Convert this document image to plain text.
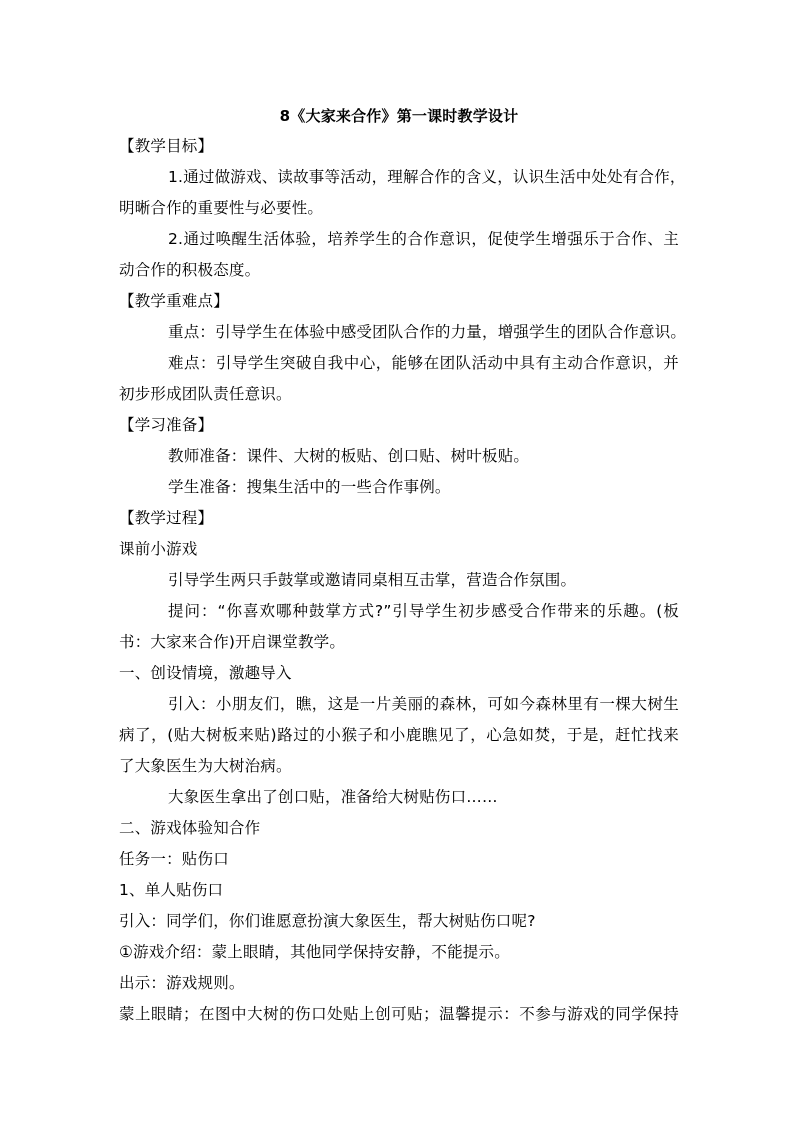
8《大家来合作》第一课时教学设计
【教学目标】
1.通过做游戏、读故事等活动，理解合作的含义，认识生活中处处有合作，
明晰合作的重要性与必要性。
2.通过唤醒生活体验，培养学生的合作意识，促使学生增强乐于合作、主
动合作的积极态度。
【教学重难点】
重点：引导学生在体验中感受团队合作的力量，增强学生的团队合作意识。
难点：引导学生突破自我中心，能够在团队活动中具有主动合作意识，并
初步形成团队责任意识。
【学习准备】
教师准备：课件、大树的板贴、创口贴、树叶板贴。
学生准备：搜集生活中的一些合作事例。
【教学过程】
课前小游戏
引导学生两只手鼓掌或邀请同桌相互击掌，营造合作氛围。
提问：“你喜欢哪种鼓掌方式?”引导学生初步感受合作带来的乐趣。(板
书：大家来合作)开启课堂教学。
一、创设情境，激趣导入
引入：小朋友们，瞧，这是一片美丽的森林，可如今森林里有一棵大树生
病了，(贴大树板来贴)路过的小猴子和小鹿瞧见了，心急如焚，于是，赶忙找来
了大象医生为大树治病。
大象医生拿出了创口贴，准备给大树贴伤口……
二、游戏体验知合作
任务一：贴伤口
1、单人贴伤口
引入：同学们，你们谁愿意扮演大象医生，帮大树贴伤口呢?
①游戏介绍：蒙上眼睛，其他同学保持安静，不能提示。
出示：游戏规则。
蒙上眼睛；在图中大树的伤口处贴上创可贴；温馨提示：不参与游戏的同学保持
